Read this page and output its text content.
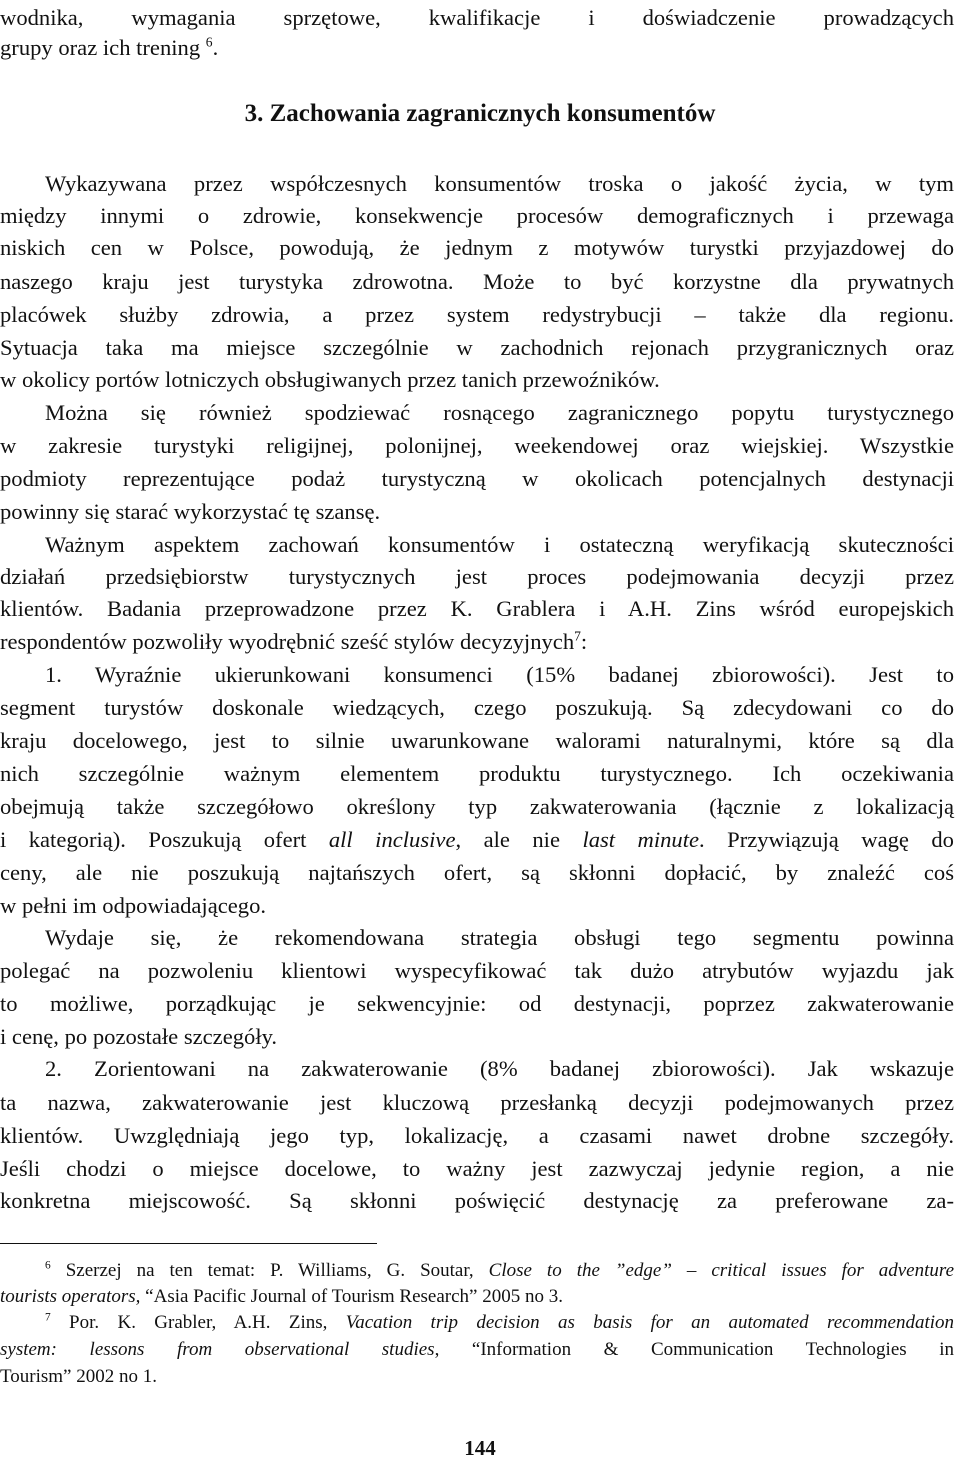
wodnika, wymagania sprzętowe, kwalifikacje i doświadczenie prowadzących
grupy oraz ich trening $^6$.
3. Zachowania zagranicznych konsumentów
Wykazywana przez współczesnych konsumentów troska o jakość życia, w tym
między innymi o zdrowie, konsekwencje procesów demograficznych i przewaga
niskich cen w Polsce, powodują, że jednym z motywów turystki przyjazdowej do
naszego kraju jest turystyka zdrowotna. Może to być korzystne dla prywatnych
placówek służby zdrowia, a przez system redystrybucji – także dla regionu.
Sytuacja taka ma miejsce szczególnie w zachodnich rejonach przygranicznych oraz
w okolicy portów lotniczych obsługiwanych przez tanich przewoźników.
Można się również spodziewać rosnącego zagranicznego popytu turystycznego
w zakresie turystyki religijnej, polonijnej, weekendowej oraz wiejskiej. Wszystkie
podmioty reprezentujące podaż turystyczną w okolicach potencjalnych destynacji
powinny się starać wykorzystać tę szansę.
Ważnym aspektem zachowań konsumentów i ostateczną weryfikacją skuteczności
działań przedsiębiorstw turystycznych jest proces podejmowania decyzji przez
klientów. Badania przeprowadzone przez K. Grablera i A.H. Zins wśród europejskich
respondentów pozwoliły wyodrębnić sześć stylów decyzyjnych$^7$:
1. Wyraźnie ukierunkowani konsumenci (15% badanej zbiorowości). Jest to
segment turystów doskonale wiedzących, czego poszukują. Są zdecydowani co do
kraju docelowego, jest to silnie uwarunkowane walorami naturalnymi, które są dla
nich szczególnie ważnym elementem produktu turystycznego. Ich oczekiwania
obejmują także szczegółowo określony typ zakwaterowania (łącznie z lokalizacją
i kategorią). Poszukują ofert all inclusive, ale nie last minute. Przywiązują wagę do
ceny, ale nie poszukują najtańszych ofert, są skłonni dopłacić, by znaleźć coś
w pełni im odpowiadającego.
Wydaje się, że rekomendowana strategia obsługi tego segmentu powinna
polegać na pozwoleniu klientowi wyspecyfikować tak dużo atrybutów wyjazdu jak
to możliwe, porządkując je sekwencyjnie: od destynacji, poprzez zakwaterowanie
i cenę, po pozostałe szczegóły.
2. Zorientowani na zakwaterowanie (8% badanej zbiorowości). Jak wskazuje
ta nazwa, zakwaterowanie jest kluczową przesłanką decyzji podejmowanych przez
klientów. Uwzględniają jego typ, lokalizację, a czasami nawet drobne szczegóły.
Jeśli chodzi o miejsce docelowe, to ważny jest zazwyczaj jedynie region, a nie
konkretna miejscowość. Są skłonni poświęcić destynację za preferowane za-
$^6$ Szerzej na ten temat: P. Williams, G. Soutar, Close to the ”edge” – critical issues for adventure
tourists operators, “Asia Pacific Journal of Tourism Research” 2005 no 3.
$^7$ Por. K. Grabler, A.H. Zins, Vacation trip decision as basis for an automated recommendation
system: lessons from observational studies, “Information & Communication Technologies in
Tourism” 2002 no 1.
144
